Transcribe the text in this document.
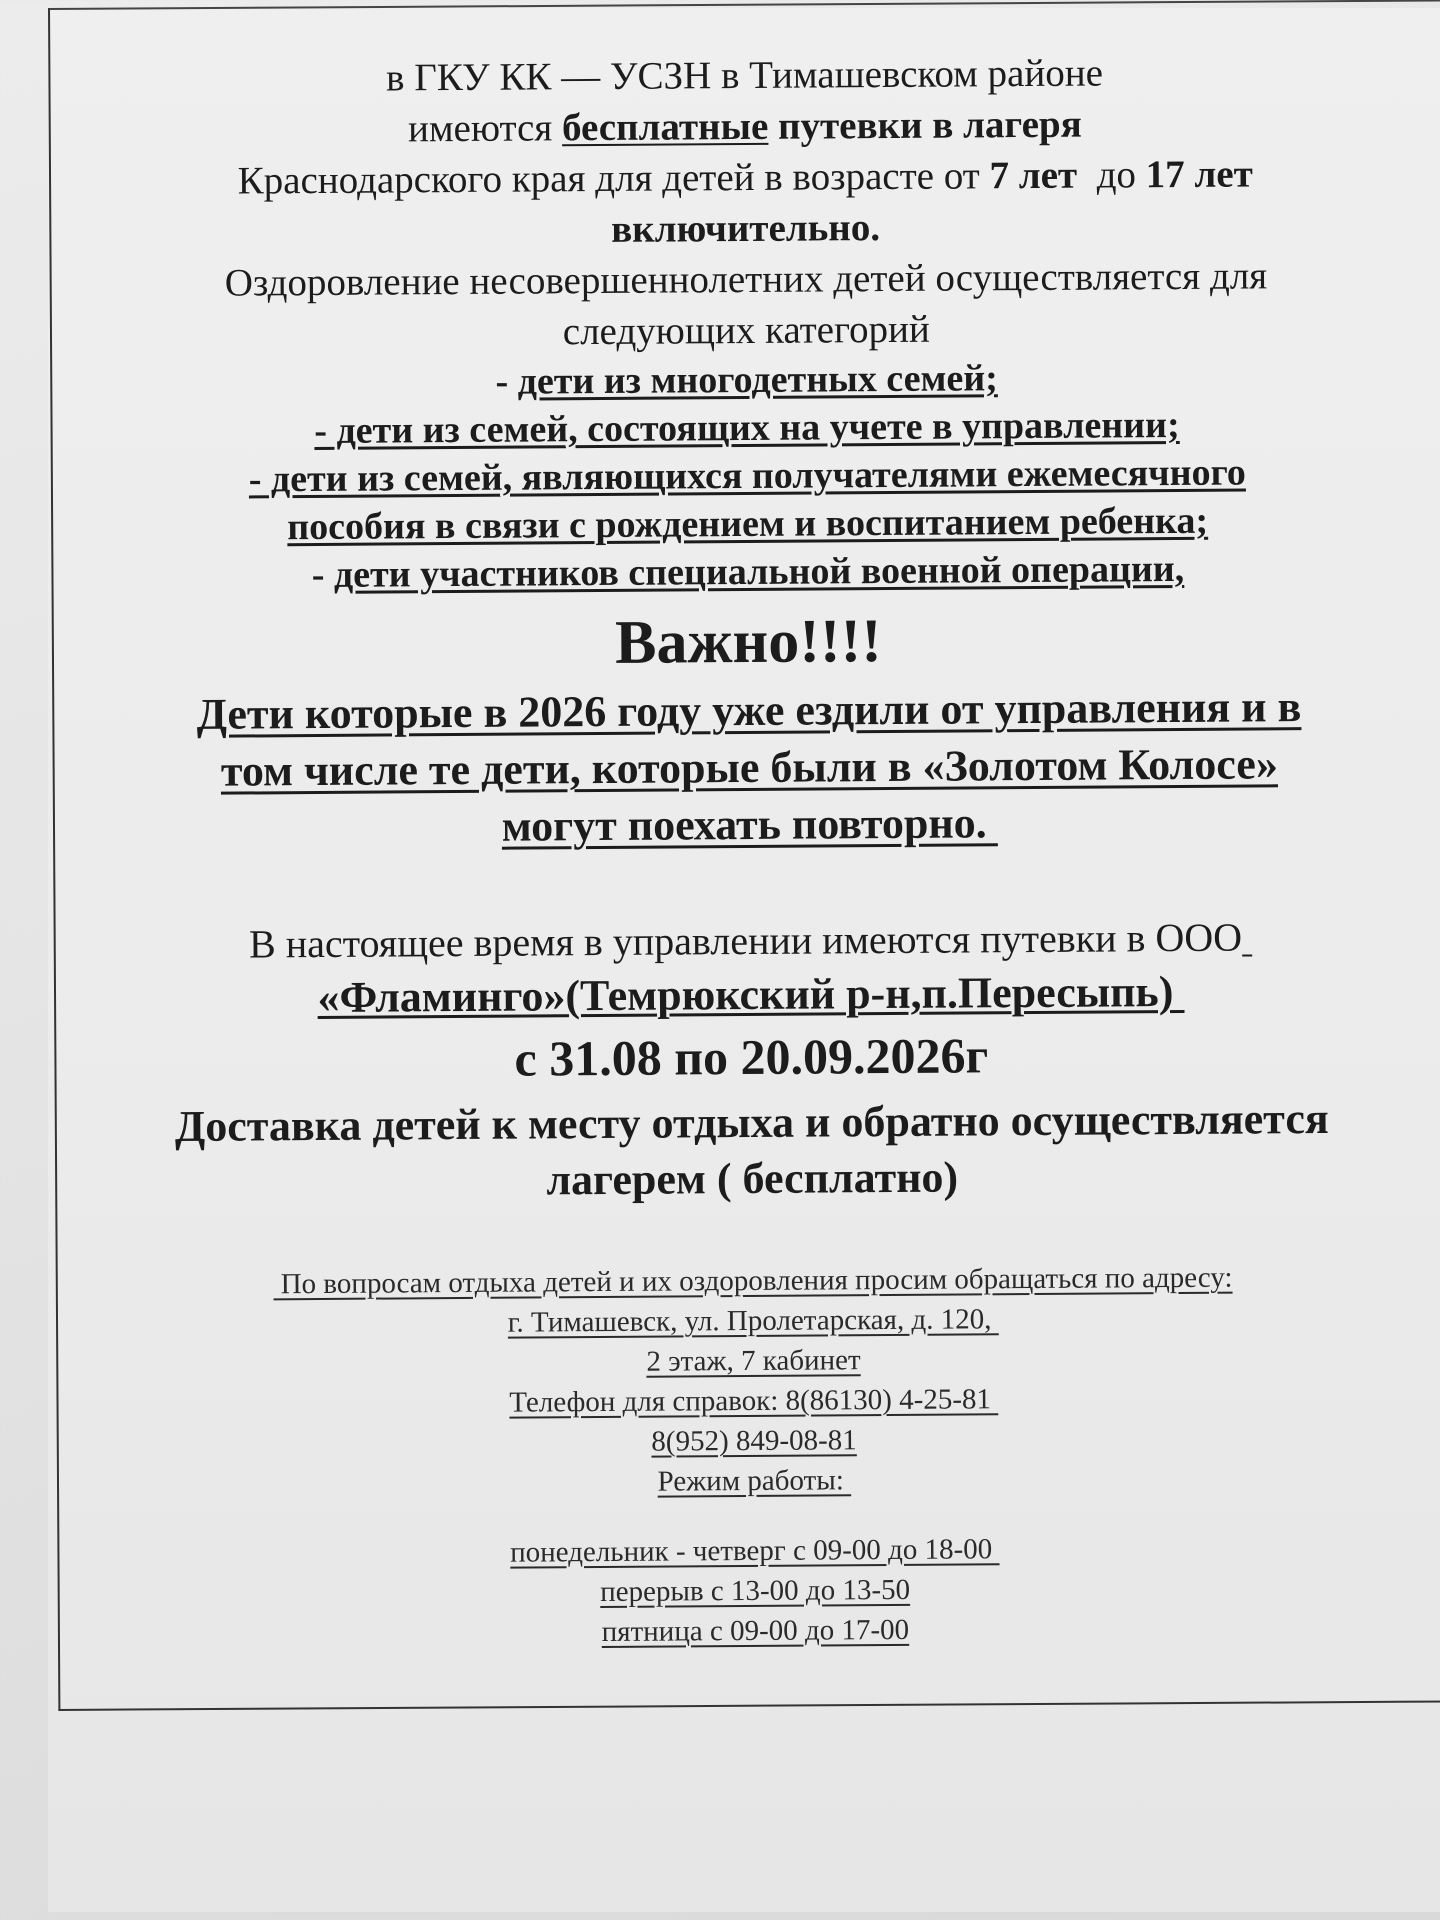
в ГКУ КК — УСЗН в Тимашевском районе
имеются бесплатные путевки в лагеря
Краснодарского края для детей в возрасте от 7 лет  до 17 лет
включительно.
Оздоровление несовершеннолетних детей осуществляется для
следующих категорий
- дети из многодетных семей;
- дети из семей, состоящих на учете в управлении;
- дети из семей, являющихся получателями ежемесячного
пособия в связи с рождением и воспитанием ребенка;
- дети участников специальной военной операции,
Важно!!!!
Дети которые в 2026 году уже ездили от управления и в
том числе те дети, которые были в «Золотом Колосе»
могут поехать повторно.
В настоящее время в управлении имеются путевки в ООО
«Фламинго»(Темрюкский р-н,п.Пересыпь)
с 31.08 по 20.09.2026г
Доставка детей к месту отдыха и обратно осуществляется
лагерем ( бесплатно)
По вопросам отдыха детей и их оздоровления просим обращаться по адресу:
г. Тимашевск, ул. Пролетарская, д. 120,
2 этаж, 7 кабинет
Телефон для справок: 8(86130) 4-25-81
8(952) 849-08-81
Режим работы:
понедельник - четверг с 09-00 до 18-00
перерыв с 13-00 до 13-50
пятница с 09-00 до 17-00
